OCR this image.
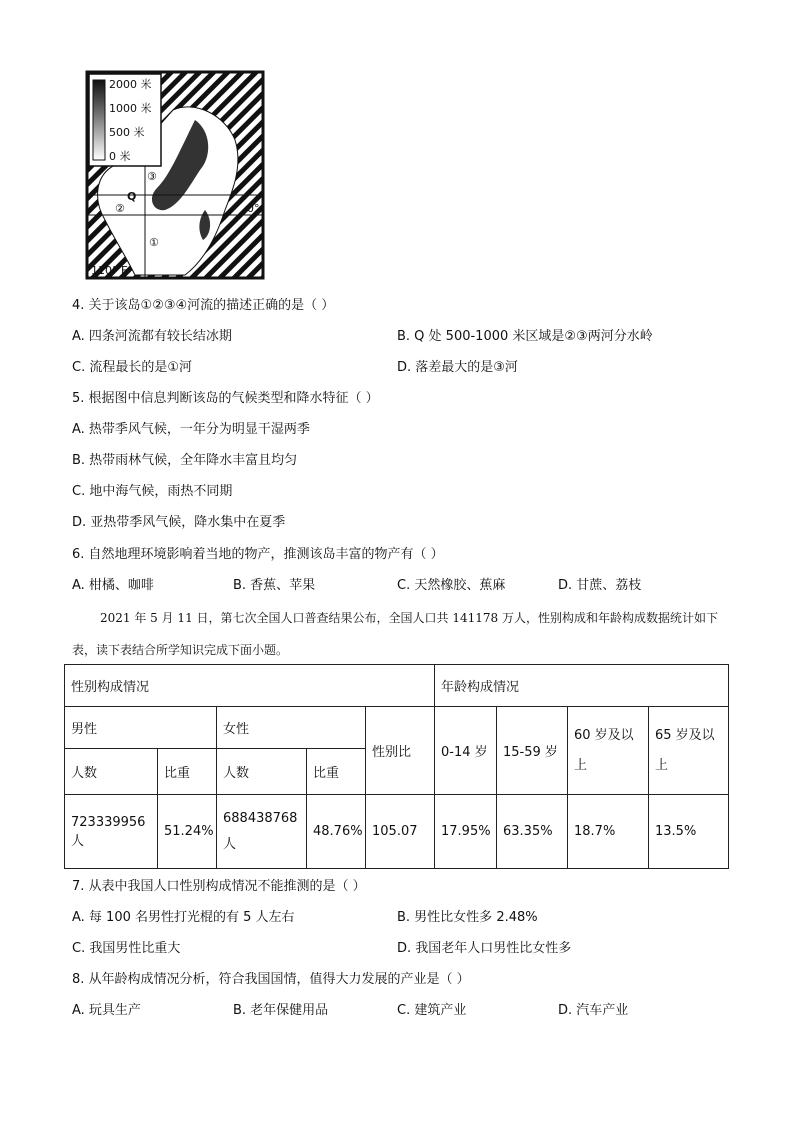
2000 米
1000 米
500 米
0 米
③
Q
②
①
0°
110° E
4. 关于该岛①②③④河流的描述正确的是（ ）
A. 四条河流都有较长结冰期	B. Q 处 500-1000 米区域是②③两河分水岭
C. 流程最长的是①河	D. 落差最大的是③河
5. 根据图中信息判断该岛的气候类型和降水特征（ ）
A. 热带季风气候，一年分为明显干湿两季
B. 热带雨林气候，全年降水丰富且均匀
C. 地中海气候，雨热不同期
D. 亚热带季风气候，降水集中在夏季
6. 自然地理环境影响着当地的物产，推测该岛丰富的物产有（ ）
A. 柑橘、咖啡	B. 香蕉、苹果	C. 天然橡胶、蕉麻	D. 甘蔗、荔枝
2021 年 5 月 11 日，第七次全国人口普查结果公布，全国人口共 141178 万人，性别构成和年龄构成数据统计如下表，读下表结合所学知识完成下面小题。
性别构成情况					年龄构成情况			
男性		女性		性别比	0-14 岁	15-59 岁	60 岁及以上	65 岁及以上
人数	比重	人数	比重					
723339956 人	51.24%	688438768 人	48.76%	105.07	17.95%	63.35%	18.7%	13.5%
7. 从表中我国人口性别构成情况不能推测的是（ ）
A. 每 100 名男性打光棍的有 5 人左右	B. 男性比女性多 2.48%
C. 我国男性比重大	D. 我国老年人口男性比女性多
8. 从年龄构成情况分析，符合我国国情，值得大力发展的产业是（ ）
A. 玩具生产	B. 老年保健用品	C. 建筑产业	D. 汽车产业
